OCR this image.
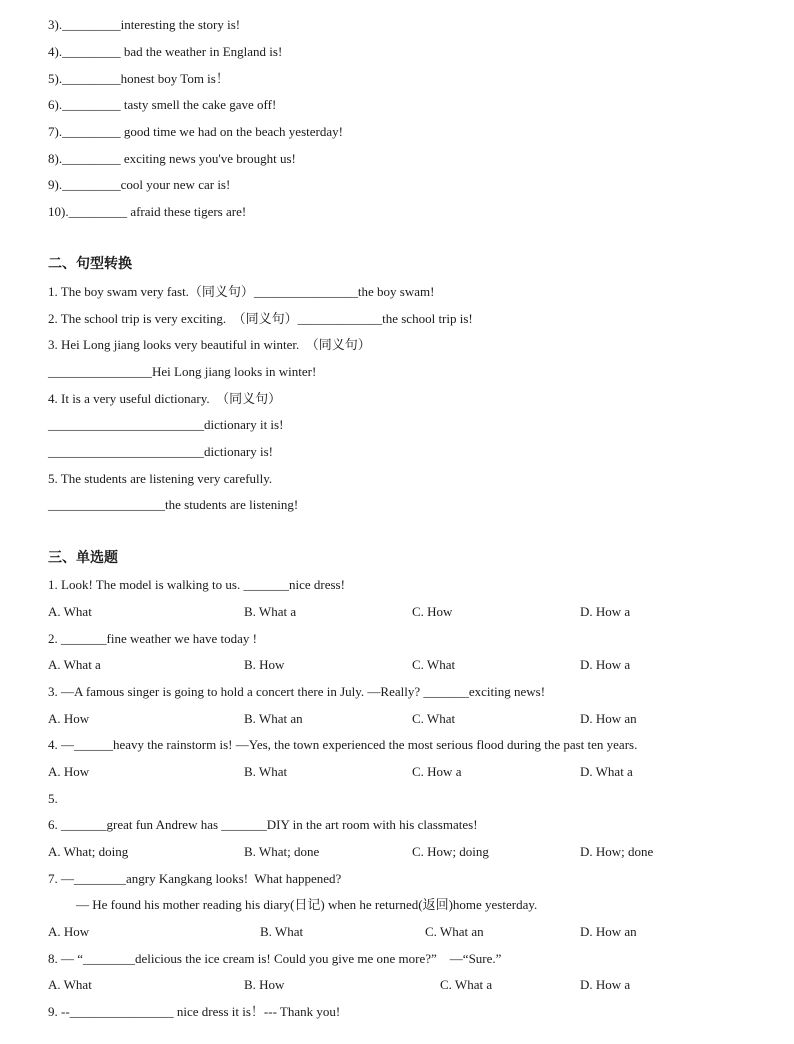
3)._________interesting the story is!
4)._________ bad the weather in England is!
5)._________honest boy Tom is！
6)._________ tasty smell the cake gave off!
7)._________ good time we had on the beach yesterday!
8)._________ exciting news you've brought us!
9)._________cool your new car is!
10)._________ afraid these tigers are!
二、句型转换
1. The boy swam very fast.（同义句）________________the boy swam!
2. The school trip is very exciting.　（同义句）_____________the school trip is!
3. Hei Long jiang looks very beautiful in winter.　（同义句）
________________Hei Long jiang looks in winter!
4. It is a very useful dictionary.　（同义句）
________________________dictionary it is!
________________________dictionary is!
5. The students are listening very carefully.
__________________the students are listening!
三、单选题
1. Look! The model is walking to us. _______nice dress!
A. What	B. What a	C. How	D. How a
2. _______fine weather we have today !
A. What a	B. How	C. What	D. How a
3. —A famous singer is going to hold a concert there in July. —Really? _______exciting news!
A. How	B. What an	C. What	D. How an
4. —______heavy the rainstorm is! —Yes, the town experienced the most serious flood during the past ten years.
A. How	B. What	C. How a	D. What a
5.
6. _______great fun Andrew has _______DIY in the art room with his classmates!
A. What; doing	B. What; done	C. How; doing	D. How; done
7. —________angry Kangkang looks!  What happened?
— He found his mother reading his diary(日记) when he returned(返回)home yesterday.
A. How	B. What	C. What an	D. How an
8. — “________delicious the ice cream is! Could you give me one more?”　—“Sure.”
A. What	B. How	C. What a	D. How a
9. --________________ nice dress it is！--- Thank you!
